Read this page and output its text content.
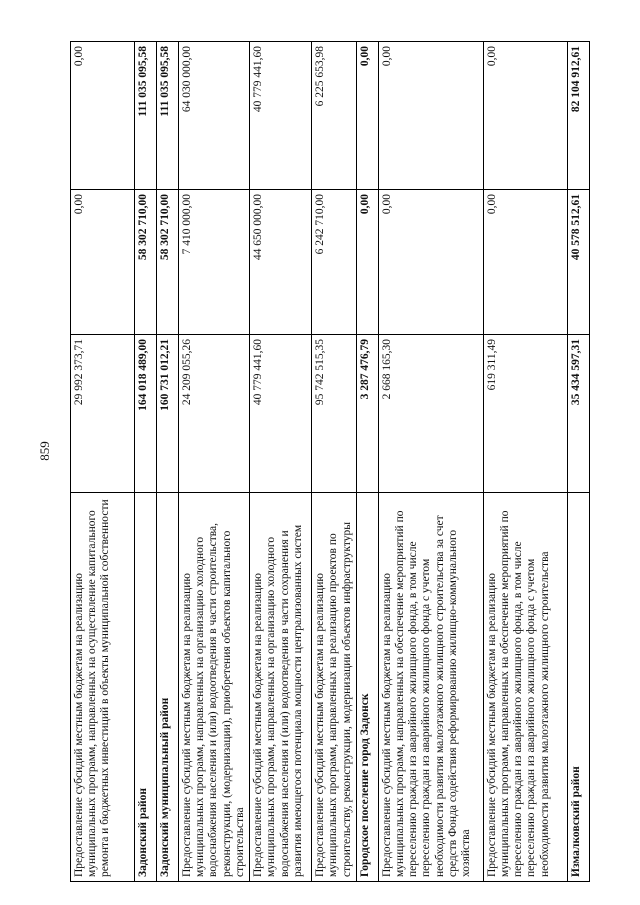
859
Предоставление субсидий местным бюджетам на реализацию муниципальных программ, направленных на осуществление капитального ремонта и бюджетных инвестиций в объекты муниципальной собственности	29 992 373,71	0,00	0,00
Задонский район	164 018 489,00	58 302 710,00	111 035 095,58
Задонский муниципальный район	160 731 012,21	58 302 710,00	111 035 095,58
Предоставление субсидий местным бюджетам на реализацию муниципальных программ, направленных на организацию холодного водоснабжения населения и (или) водоотведения в части строительства, реконструкции, (модернизации), приобретения объектов капитального строительства	24 209 055,26	7 410 000,00	64 030 000,00
Предоставление субсидий местным бюджетам на реализацию муниципальных программ, направленных на организацию холодного водоснабжения населения и (или) водоотведения в части сохранения и развития имеющегося потенциала мощности централизованных систем	40 779 441,60	44 650 000,00	40 779 441,60
Предоставление субсидий местным бюджетам на реализацию муниципальных программ, направленных на реализацию проектов по строительству, реконструкции, модернизации объектов инфраструктуры	95 742 515,35	6 242 710,00	6 225 653,98
Городское поселение город Задонск	3 287 476,79	0,00	0,00
Предоставление субсидий местным бюджетам на реализацию муниципальных программ, направленных на обеспечение мероприятий по переселению граждан из аварийного жилищного фонда, в том числе переселению граждан из аварийного жилищного фонда с учетом необходимости развития малоэтажного жилищного строительства за счет средств Фонда содействия реформированию жилищно-коммунального хозяйства	2 668 165,30	0,00	0,00
Предоставление субсидий местным бюджетам на реализацию муниципальных программ, направленных на обеспечение мероприятий по переселению граждан из аварийного жилищного фонда, в том числе переселению граждан из аварийного жилищного фонда с учетом необходимости развития малоэтажного жилищного строительства	619 311,49	0,00	0,00
Измалковский район	35 434 597,31	40 578 512,61	82 104 912,61
